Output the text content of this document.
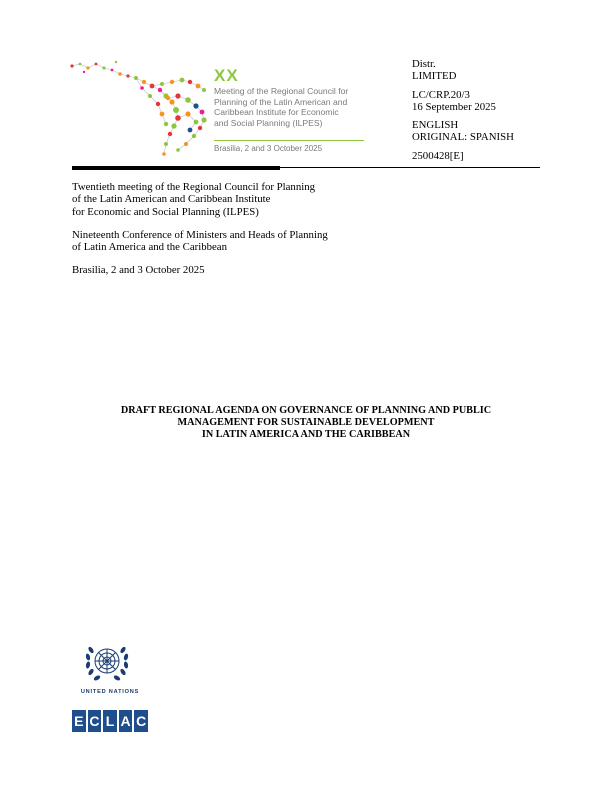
XX
Meeting of the Regional Council for
Planning of the Latin American and
Caribbean Institute for Economic
and Social Planning (ILPES)
Brasilia, 2 and 3 October 2025
Distr.
LIMITED
LC/CRP.20/3
16 September 2025
ENGLISH
ORIGINAL: SPANISH
2500428[E]
Twentieth meeting of the Regional Council for Planning
of the Latin American and Caribbean Institute
for Economic and Social Planning (ILPES)
Nineteenth Conference of Ministers and Heads of Planning
of Latin America and the Caribbean
Brasilia, 2 and 3 October 2025
DRAFT REGIONAL AGENDA ON GOVERNANCE OF PLANNING AND PUBLIC
MANAGEMENT FOR SUSTAINABLE DEVELOPMENT
IN LATIN AMERICA AND THE CARIBBEAN
UNITED NATIONS
E C L A C
